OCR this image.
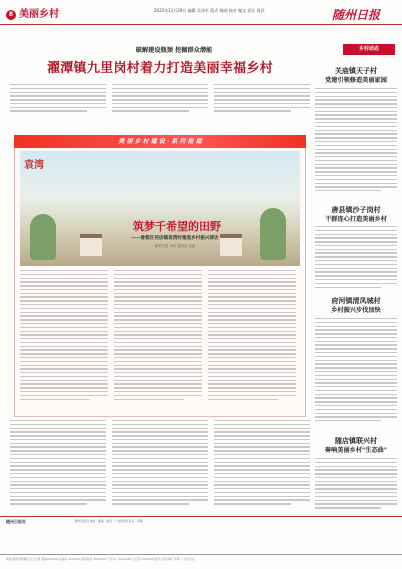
8 美丽乡村	2022年11月29日 编辑 吴泽军 版式 杨刚 校对 谢文 责任 周武	随州日报
乡村动态
破解建设瓶颈 挖掘群众潜能
濯潭镇九里岗村着力打造美丽幸福乡村
美 丽 乡 村 建 设 · 系 列 报 道
袁湾
筑梦千希望的田野
——曾都区何店镇袁湾村集道乡村振兴探访
随州日报 肖伟 通讯员 余磊
关庙镇天子村
党建引领修造美丽家园
唐县镇沙子岗村
干群连心打造美丽乡村
府河镇清凤城村
乡村振兴步伐加快
随店镇联兴村
奏响美丽乡村"生态曲"
随州日报社	随州日报社 地址 · 邮编 · 电话 · 广告经营许可证 · 印刷
地址·随州市曾都区白云大道 邮编441300 总编室 3202001 新闻热线 3222222 广告中心 3222108 发行部 3222186 随州日报印刷厂印刷 广告许可证
